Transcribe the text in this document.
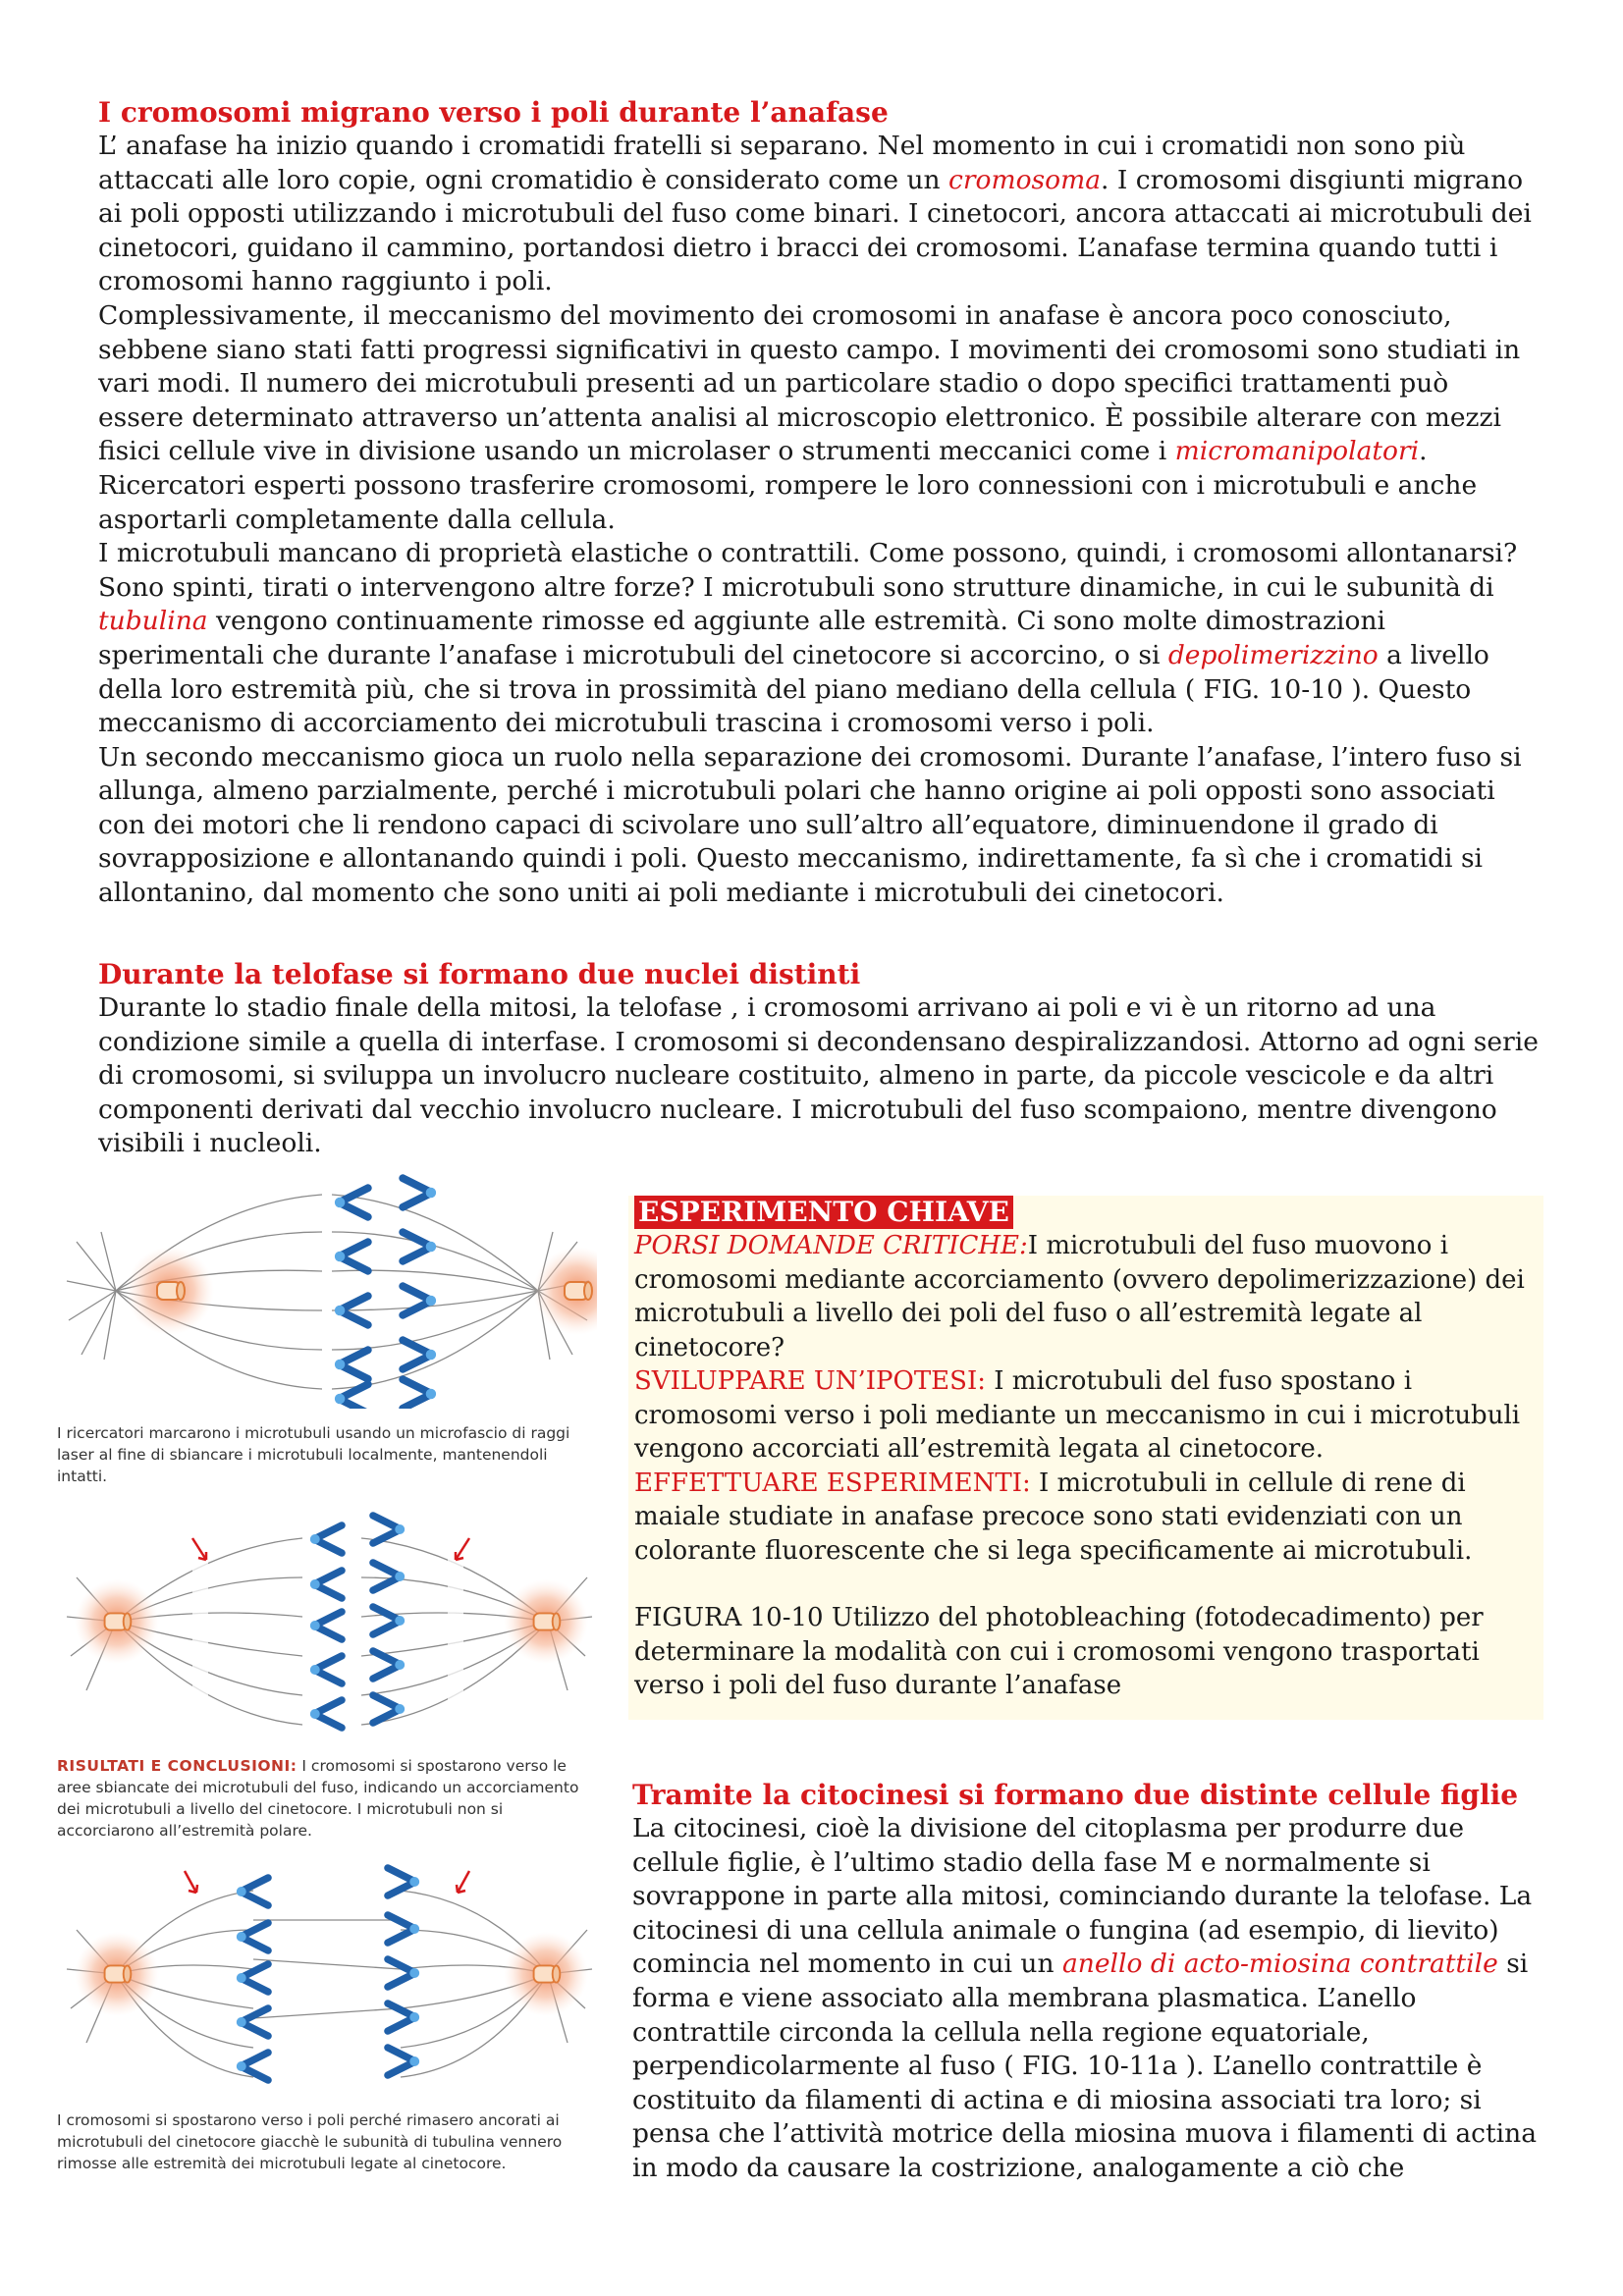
I cromosomi migrano verso i poli durante l’anafase

L’ anafase ha inizio quando i cromatidi fratelli si separano. Nel momento in cui i cromatidi non sono più attaccati alle loro copie, ogni cromatidio è considerato come un cromosoma. I cromosomi disgiunti migrano ai poli opposti utilizzando i microtubuli del fuso come binari. I cinetocori, ancora attaccati ai microtubuli dei cinetocori, guidano il cammino, portandosi dietro i bracci dei cromosomi. L’anafase termina quando tutti i cromosomi hanno raggiunto i poli.

Complessivamente, il meccanismo del movimento dei cromosomi in anafase è ancora poco conosciuto, sebbene siano stati fatti progressi significativi in questo campo. I movimenti dei cromosomi sono studiati in vari modi. Il numero dei microtubuli presenti ad un particolare stadio o dopo specifici trattamenti può essere determinato attraverso un’attenta analisi al microscopio elettronico. È possibile alterare con mezzi fisici cellule vive in divisione usando un microlaser o strumenti meccanici come i micromanipolatori. Ricercatori esperti possono trasferire cromosomi, rompere le loro connessioni con i microtubuli e anche asportarli completamente dalla cellula.

I microtubuli mancano di proprietà elastiche o contrattili. Come possono, quindi, i cromosomi allontanarsi? Sono spinti, tirati o intervengono altre forze? I microtubuli sono strutture dinamiche, in cui le subunità di tubulina vengono continuamente rimosse ed aggiunte alle estremità. Ci sono molte dimostrazioni sperimentali che durante l’anafase i microtubuli del cinetocore si accorcino, o si depolimerizzino a livello della loro estremità più, che si trova in prossimità del piano mediano della cellula ( FIG. 10-10 ). Questo meccanismo di accorciamento dei microtubuli trascina i cromosomi verso i poli.

Un secondo meccanismo gioca un ruolo nella separazione dei cromosomi. Durante l’anafase, l’intero fuso si allunga, almeno parzialmente, perché i microtubuli polari che hanno origine ai poli opposti sono associati con dei motori che li rendono capaci di scivolare uno sull’altro all’equatore, diminuendone il grado di sovrapposizione e allontanando quindi i poli. Questo meccanismo, indirettamente, fa sì che i cromatidi si allontanino, dal momento che sono uniti ai poli mediante i microtubuli dei cinetocori.

Durante la telofase si formano due nuclei distinti

Durante lo stadio finale della mitosi, la telofase , i cromosomi arrivano ai poli e vi è un ritorno ad una condizione simile a quella di interfase. I cromosomi si decondensano despiralizzandosi. Attorno ad ogni serie di cromosomi, si sviluppa un involucro nucleare costituito, almeno in parte, da piccole vescicole e da altri componenti derivati dal vecchio involucro nucleare. I microtubuli del fuso scompaiono, mentre divengono visibili i nucleoli.

I ricercatori marcarono i microtubuli usando un microfascio di raggi laser al fine di sbiancare i microtubuli localmente, mantenendoli intatti.

RISULTATI E CONCLUSIONI: I cromosomi si spostarono verso le aree sbiancate dei microtubuli del fuso, indicando un accorciamento dei microtubuli a livello del cinetocore. I microtubuli non si accorciarono all’estremità polare.

I cromosomi si spostarono verso i poli perché rimasero ancorati ai microtubuli del cinetocore giacchè le subunità di tubulina vennero rimosse alle estremità dei microtubuli legate al cinetocore.

ESPERIMENTO CHIAVE

PORSI DOMANDE CRITICHE:I microtubuli del fuso muovono i cromosomi mediante accorciamento (ovvero depolimerizzazione) dei microtubuli a livello dei poli del fuso o all’estremità legate al cinetocore?

SVILUPPARE UN’IPOTESI: I microtubuli del fuso spostano i cromosomi verso i poli mediante un meccanismo in cui i microtubuli vengono accorciati all’estremità legata al cinetocore.

EFFETTUARE ESPERIMENTI: I microtubuli in cellule di rene di maiale studiate in anafase precoce sono stati evidenziati con un colorante fluorescente che si lega specificamente ai microtubuli.

FIGURA 10-10 Utilizzo del photobleaching (fotodecadimento) per determinare la modalità con cui i cromosomi vengono trasportati verso i poli del fuso durante l’anafase

Tramite la citocinesi si formano due distinte cellule figlie

La citocinesi, cioè la divisione del citoplasma per produrre due cellule figlie, è l’ultimo stadio della fase M e normalmente si sovrappone in parte alla mitosi, cominciando durante la telofase. La citocinesi di una cellula animale o fungina (ad esempio, di lievito) comincia nel momento in cui un anello di acto-miosina contrattile si forma e viene associato alla membrana plasmatica. L’anello contrattile circonda la cellula nella regione equatoriale, perpendicolarmente al fuso ( FIG. 10-11a ). L’anello contrattile è costituito da filamenti di actina e di miosina associati tra loro; si pensa che l’attività motrice della miosina muova i filamenti di actina in modo da causare la costrizione, analogamente a ciò che
